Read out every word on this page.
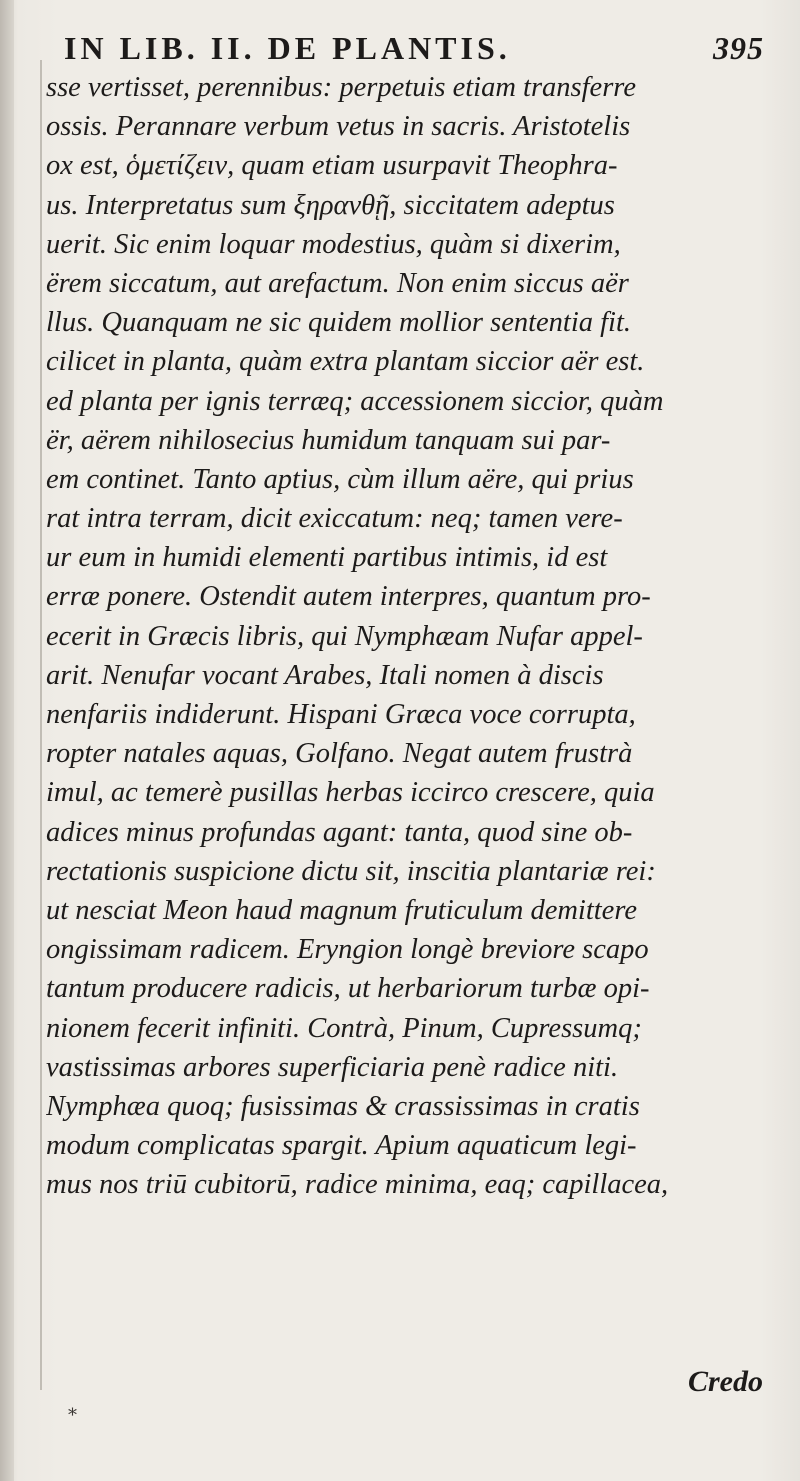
IN LIB. II. DE PLANTIS.	395
sse vertisset, perennibus: perpetuis etiam transferre
ossis. Perannare verbum vetus in sacris. Aristotelis
ox est, ὁμετίζειν, quam etiam usurpavit Theophra-
us. Interpretatus sum ξηρανθῇ, siccitatem adeptus
uerit. Sic enim loquar modestius, quàm si dixerim,
ërem siccatum, aut arefactum. Non enim siccus aër
llus. Quanquam ne sic quidem mollior sententia fit.
cilicet in planta, quàm extra plantam siccior aër est.
ed planta per ignis terræq; accessionem siccior, quàm
ër, aërem nihilosecius humidum tanquam sui par-
em continet. Tanto aptius, cùm illum aëre, qui prius
rat intra terram, dicit exiccatum: neq; tamen vere-
ur eum in humidi elementi partibus intimis, id est
erræ ponere. Ostendit autem interpres, quantum pro-
ecerit in Græcis libris, qui Nymphæam Nufar appel-
arit. Nenufar vocant Arabes, Itali nomen à discis
nenfariis indiderunt. Hispani Græca voce corrupta,
ropter natales aquas, Golfano. Negat autem frustrà
imul, ac temerè pusillas herbas iccirco crescere, quia
adices minus profundas agant: tanta, quod sine ob-
rectationis suspicione dictu sit, inscitia plantariæ rei:
ut nesciat Meon haud magnum fruticulum demittere
ongissimam radicem. Eryngion longè breviore scapo
tantum producere radicis, ut herbariorum turbæ opi-
nionem fecerit infiniti. Contrà, Pinum, Cupressumq;
vastissimas arbores superficiaria penè radice niti.
Nymphæa quoq; fusissimas & crassissimas in cratis
modum complicatas spargit. Apium aquaticum legi-
mus nos triū cubitorū, radice minima, eaq; capillacea,
Credo
*
